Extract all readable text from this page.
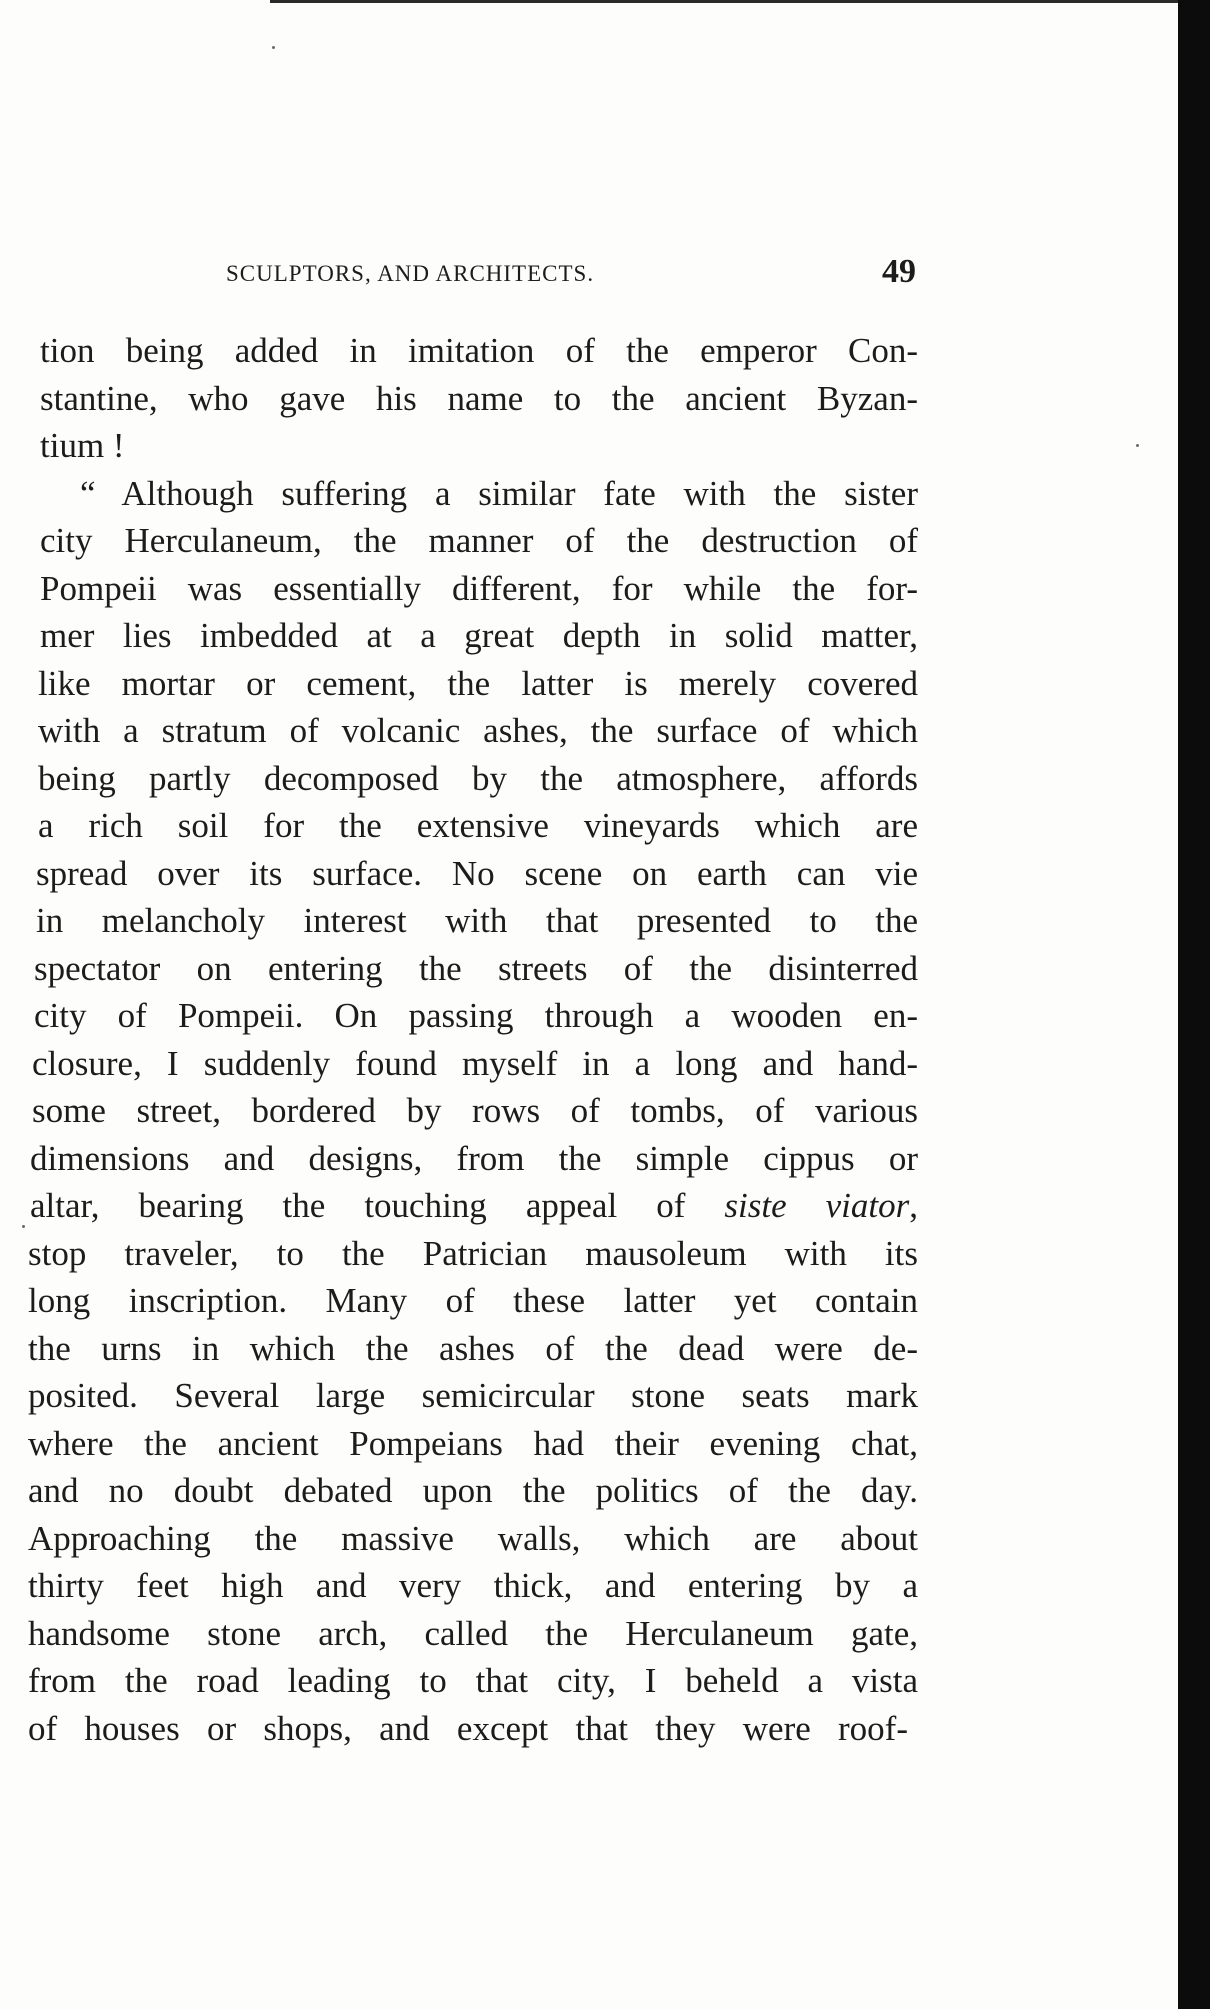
SCULPTORS, AND ARCHITECTS.	49
tion being added in imitation of the emperor Con-
stantine, who gave his name to the ancient Byzan-
tium !
“ Although suffering a similar fate with the sister
city Herculaneum, the manner of the destruction of
Pompeii was essentially different, for while the for-
mer lies imbedded at a great depth in solid matter,
like mortar or cement, the latter is merely covered
with a stratum of volcanic ashes, the surface of which
being partly decomposed by the atmosphere, affords
a rich soil for the extensive vineyards which are
spread over its surface. No scene on earth can vie
in melancholy interest with that presented to the
spectator on entering the streets of the disinterred
city of Pompeii. On passing through a wooden en-
closure, I suddenly found myself in a long and hand-
some street, bordered by rows of tombs, of various
dimensions and designs, from the simple cippus or
altar, bearing the touching appeal of siste viator,
stop traveler, to the Patrician mausoleum with its
long inscription. Many of these latter yet contain
the urns in which the ashes of the dead were de-
posited. Several large semicircular stone seats mark
where the ancient Pompeians had their evening chat,
and no doubt debated upon the politics of the day.
Approaching the massive walls, which are about
thirty feet high and very thick, and entering by a
handsome stone arch, called the Herculaneum gate,
from the road leading to that city, I beheld a vista
of houses or shops, and except that they were roof-
